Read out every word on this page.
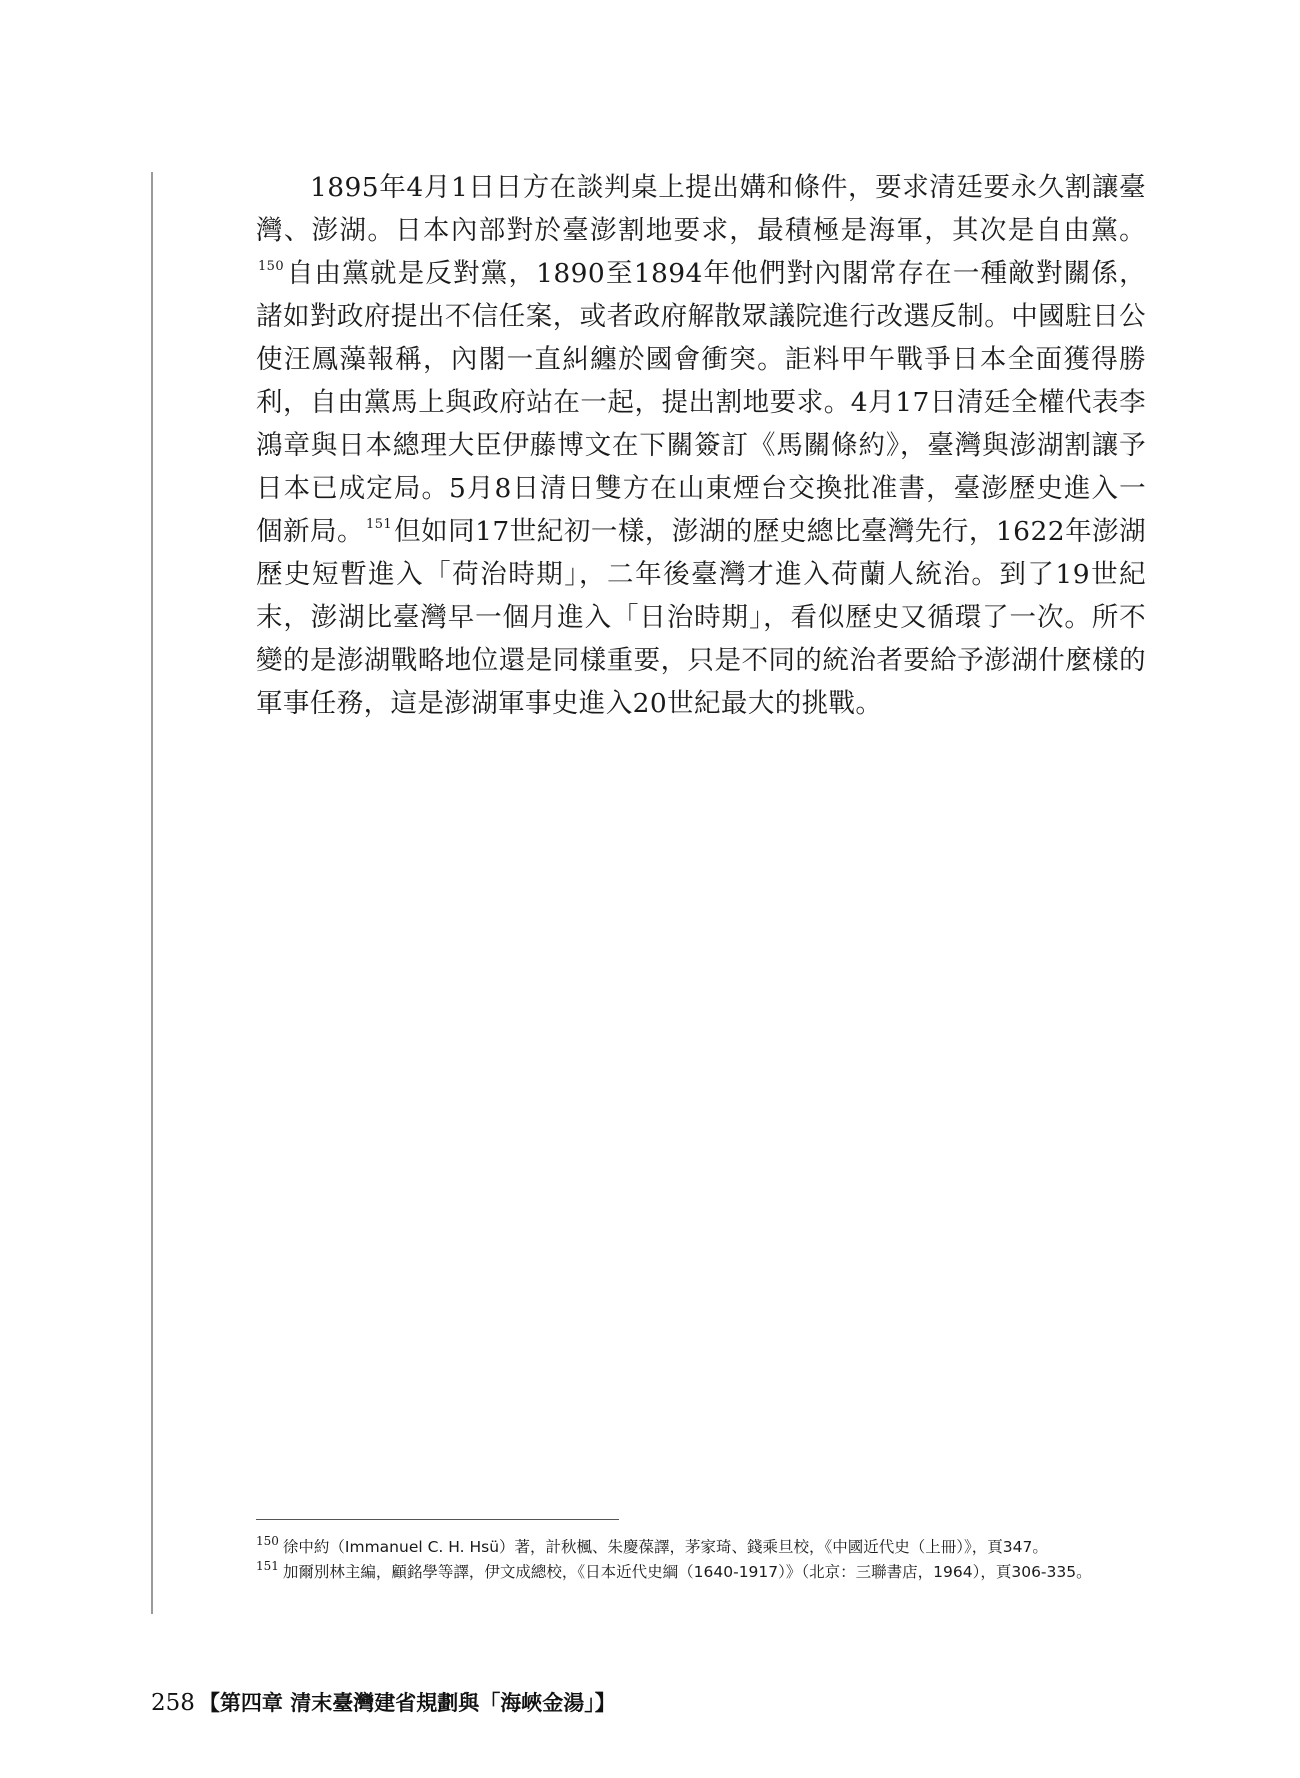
1895年4月1日日方在談判桌上提出媾和條件，要求清廷要永久割讓臺灣、澎湖。日本內部對於臺澎割地要求，最積極是海軍，其次是自由黨。$^{150}$自由黨就是反對黨，1890至1894年他們對內閣常存在一種敵對關係，諸如對政府提出不信任案，或者政府解散眾議院進行改選反制。中國駐日公使汪鳳藻報稱，內閣一直糾纏於國會衝突。詎料甲午戰爭日本全面獲得勝利，自由黨馬上與政府站在一起，提出割地要求。4月17日清廷全權代表李鴻章與日本總理大臣伊藤博文在下關簽訂《馬關條約》，臺灣與澎湖割讓予日本已成定局。5月8日清日雙方在山東煙台交換批准書，臺澎歷史進入一個新局。 $^{151}$但如同17世紀初一樣，澎湖的歷史總比臺灣先行，1622年澎湖歷史短暫進入「荷治時期」，二年後臺灣才進入荷蘭人統治。到了19世紀末，澎湖比臺灣早一個月進入「日治時期」，看似歷史又循環了一次。所不變的是澎湖戰略地位還是同樣重要，只是不同的統治者要給予澎湖什麼樣的軍事任務，這是澎湖軍事史進入20世紀最大的挑戰。

150 徐中約（Immanuel C. H. Hsü）著，計秋楓、朱慶葆譯，茅家琦、錢乘旦校，《中國近代史（上冊）》，頁347。
151 加爾別林主編，顧銘學等譯，伊文成總校，《日本近代史綱（1640-1917）》（北京：三聯書店，1964），頁306-335。
258 【第四章 清末臺灣建省規劃與「海峽金湯」】
